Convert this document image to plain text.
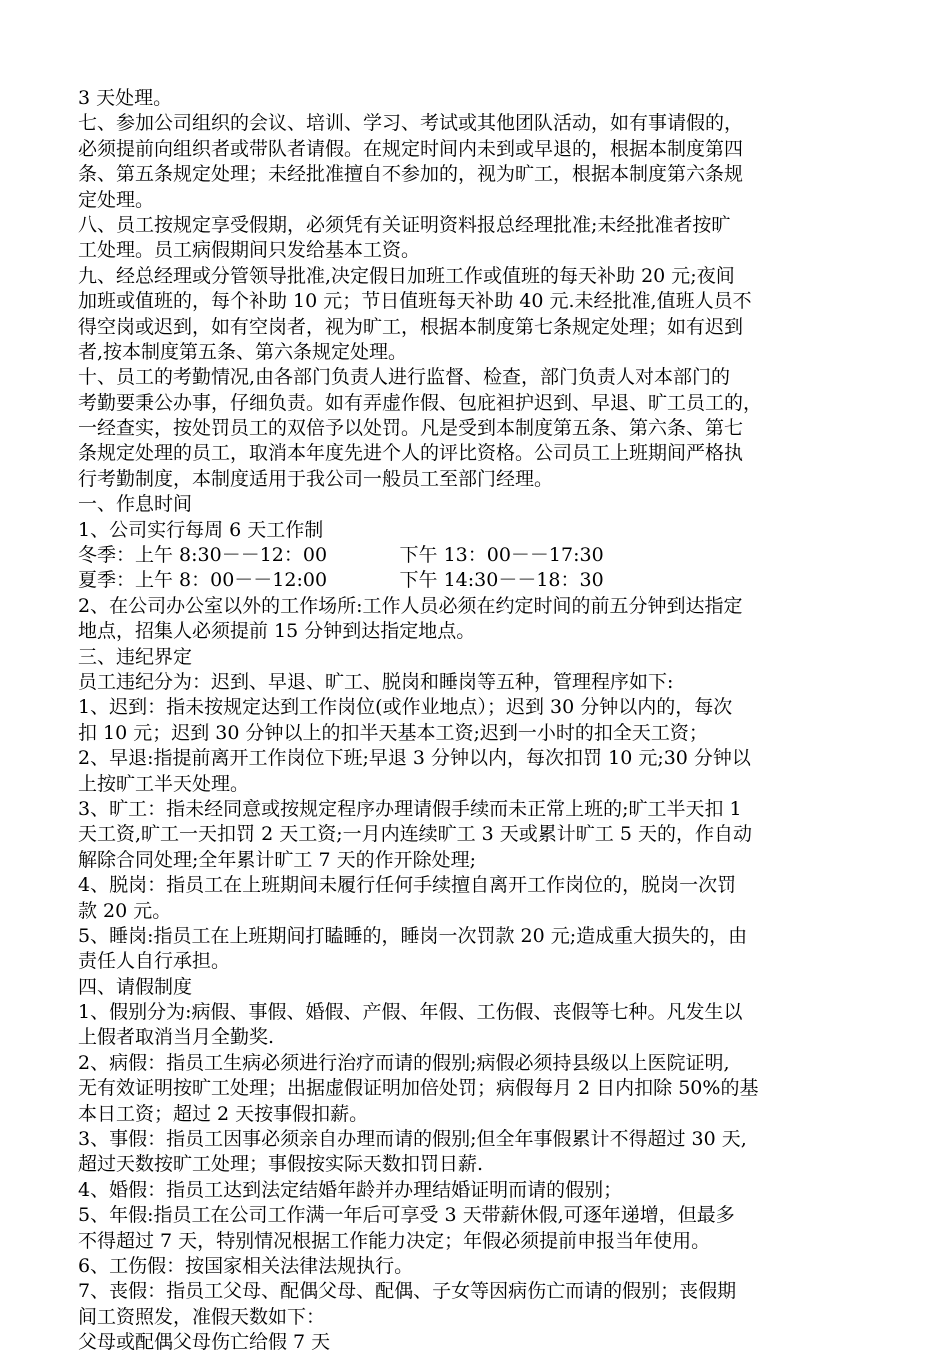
3 天处理。
七、参加公司组织的会议、培训、学习、考试或其他团队活动，如有事请假的，
必须提前向组织者或带队者请假。在规定时间内未到或早退的，根据本制度第四
条、第五条规定处理；未经批准擅自不参加的，视为旷工，根据本制度第六条规
定处理。
八、员工按规定享受假期，必须凭有关证明资料报总经理批准;未经批准者按旷
工处理。员工病假期间只发给基本工资。
九、经总经理或分管领导批准,决定假日加班工作或值班的每天补助 20 元;夜间
加班或值班的，每个补助 10 元；节日值班每天补助 40 元.未经批准,值班人员不
得空岗或迟到，如有空岗者，视为旷工，根据本制度第七条规定处理；如有迟到
者,按本制度第五条、第六条规定处理。
十、员工的考勤情况,由各部门负责人进行监督、检查，部门负责人对本部门的
考勤要秉公办事，仔细负责。如有弄虚作假、包庇袒护迟到、早退、旷工员工的，
一经查实，按处罚员工的双倍予以处罚。凡是受到本制度第五条、第六条、第七
条规定处理的员工，取消本年度先进个人的评比资格。公司员工上班期间严格执
行考勤制度，本制度适用于我公司一般员工至部门经理。
一、作息时间
1、公司实行每周 6 天工作制
冬季：上午 8:30－－12：00            下午 13：00－－17:30
夏季：上午 8：00－－12:00            下午 14:30－－18：30
2、在公司办公室以外的工作场所:工作人员必须在约定时间的前五分钟到达指定
地点，招集人必须提前 15 分钟到达指定地点。
三、违纪界定
员工违纪分为：迟到、早退、旷工、脱岗和睡岗等五种，管理程序如下:
1、迟到：指未按规定达到工作岗位(或作业地点）；迟到 30 分钟以内的，每次
扣 10 元；迟到 30 分钟以上的扣半天基本工资;迟到一小时的扣全天工资；
2、早退:指提前离开工作岗位下班;早退 3 分钟以内，每次扣罚 10 元;30 分钟以
上按旷工半天处理。
3、旷工：指未经同意或按规定程序办理请假手续而未正常上班的;旷工半天扣 1
天工资,旷工一天扣罚 2 天工资;一月内连续旷工 3 天或累计旷工 5 天的，作自动
解除合同处理;全年累计旷工 7 天的作开除处理;
4、脱岗：指员工在上班期间未履行任何手续擅自离开工作岗位的，脱岗一次罚
款 20 元。
5、睡岗:指员工在上班期间打瞌睡的，睡岗一次罚款 20 元;造成重大损失的，由
责任人自行承担。
四、请假制度
1、假别分为:病假、事假、婚假、产假、年假、工伤假、丧假等七种。凡发生以
上假者取消当月全勤奖.
2、病假：指员工生病必须进行治疗而请的假别;病假必须持县级以上医院证明,
无有效证明按旷工处理；出据虚假证明加倍处罚；病假每月 2 日内扣除 50%的基
本日工资；超过 2 天按事假扣薪。
3、事假：指员工因事必须亲自办理而请的假别;但全年事假累计不得超过 30 天,
超过天数按旷工处理；事假按实际天数扣罚日薪.
4、婚假：指员工达到法定结婚年龄并办理结婚证明而请的假别；
5、年假:指员工在公司工作满一年后可享受 3 天带薪休假,可逐年递增，但最多
不得超过 7 天，特别情况根据工作能力决定；年假必须提前申报当年使用。
6、工伤假：按国家相关法律法规执行。
7、丧假：指员工父母、配偶父母、配偶、子女等因病伤亡而请的假别；丧假期
间工资照发，准假天数如下：
父母或配偶父母伤亡给假 7 天
